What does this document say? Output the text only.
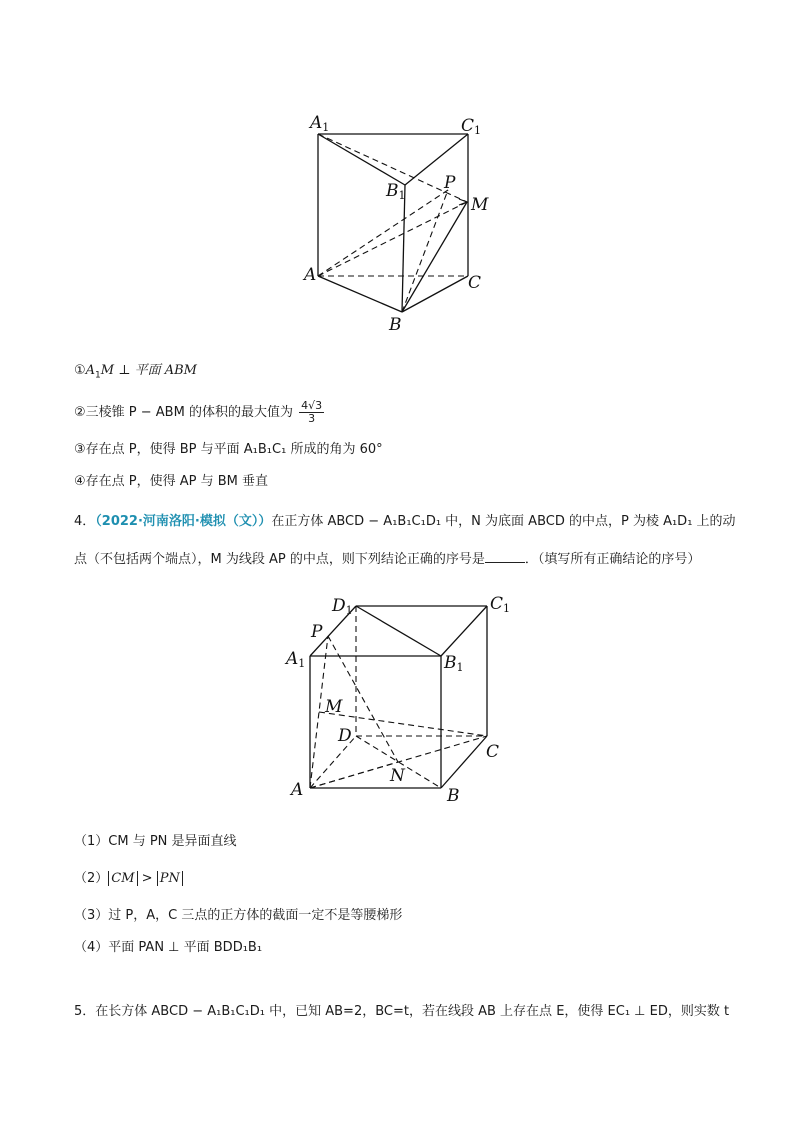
A1	C1
B1
P
M
A	C
B
$①A_1M$ ⊥ 平面 ABM
②三棱锥 P − ABM 的体积的最大值为 $\frac{4√3}{3}$
③存在点 P，使得 BP 与平面 A₁B₁C₁ 所成的角为 60°
④存在点 P，使得 AP 与 BM 垂直
4．（2022·河南洛阳·模拟（文））在正方体 ABCD − A₁B₁C₁D₁ 中，N 为底面 ABCD 的中点，P 为棱 A₁D₁ 上的动
点（不包括两个端点），M 为线段 AP 的中点，则下列结论正确的序号是	．（填写所有正确结论的序号）
D1	C1
P
A1	B1
M
D
C
N
A	B
（1）CM 与 PN 是异面直线
（2） CM > PN
（3）过 P，A，C 三点的正方体的截面一定不是等腰梯形
（4）平面 PAN ⊥ 平面 BDD₁B₁
5．在长方体 ABCD − A₁B₁C₁D₁ 中，已知 AB=2，BC=t，若在线段 AB 上存在点 E，使得 EC₁ ⊥ ED，则实数 t
